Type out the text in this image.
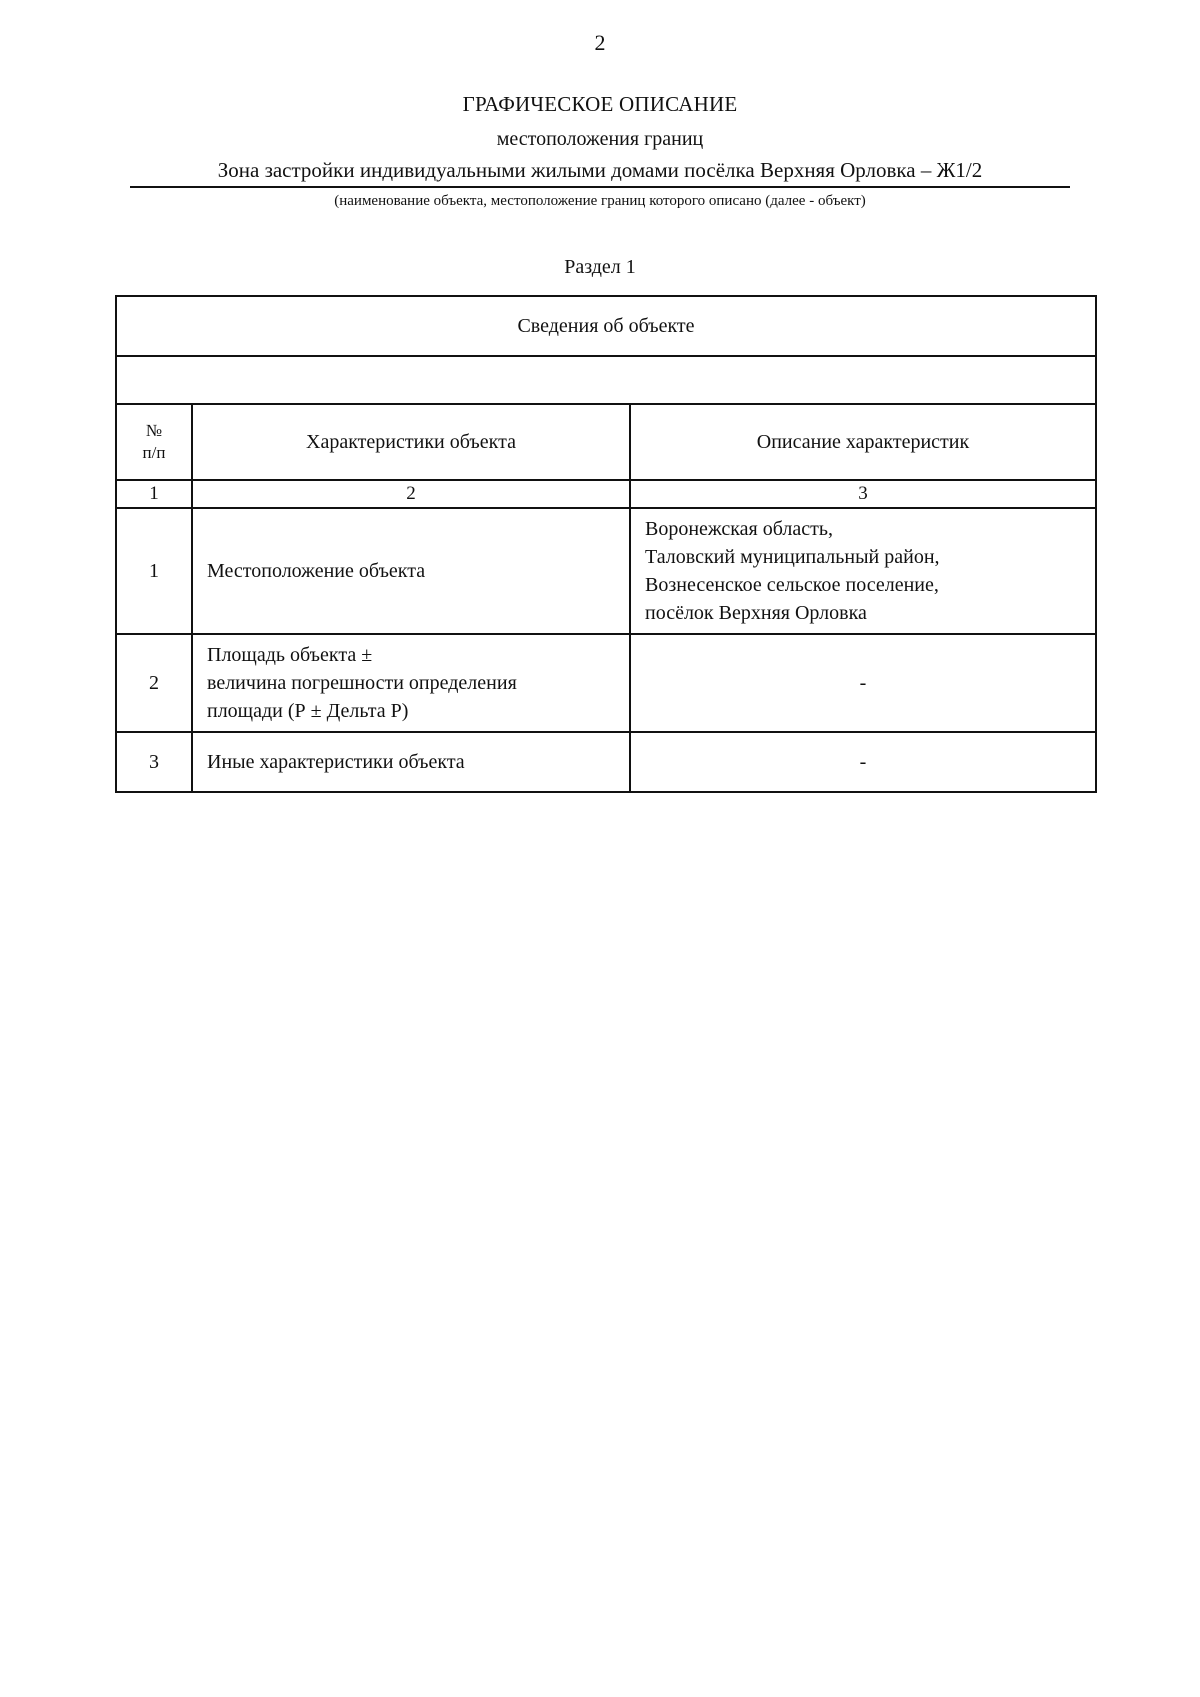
2
ГРАФИЧЕСКОЕ ОПИСАНИЕ
местоположения границ
Зона застройки индивидуальными жилыми домами посёлка Верхняя Орловка – Ж1/2
(наименование объекта, местоположение границ которого описано (далее - объект)
Раздел 1
Сведения об объекте		

№
п/п	Характеристики объекта	Описание характеристик
1	2	3
1	Местоположение объекта	Воронежская область,
Таловский муниципальный район,
Вознесенское сельское поселение,
посёлок Верхняя Орловка

2	Площадь объекта ±
величина погрешности определения
площади (Р ± Дельта Р)	-
3	Иные характеристики объекта	-
